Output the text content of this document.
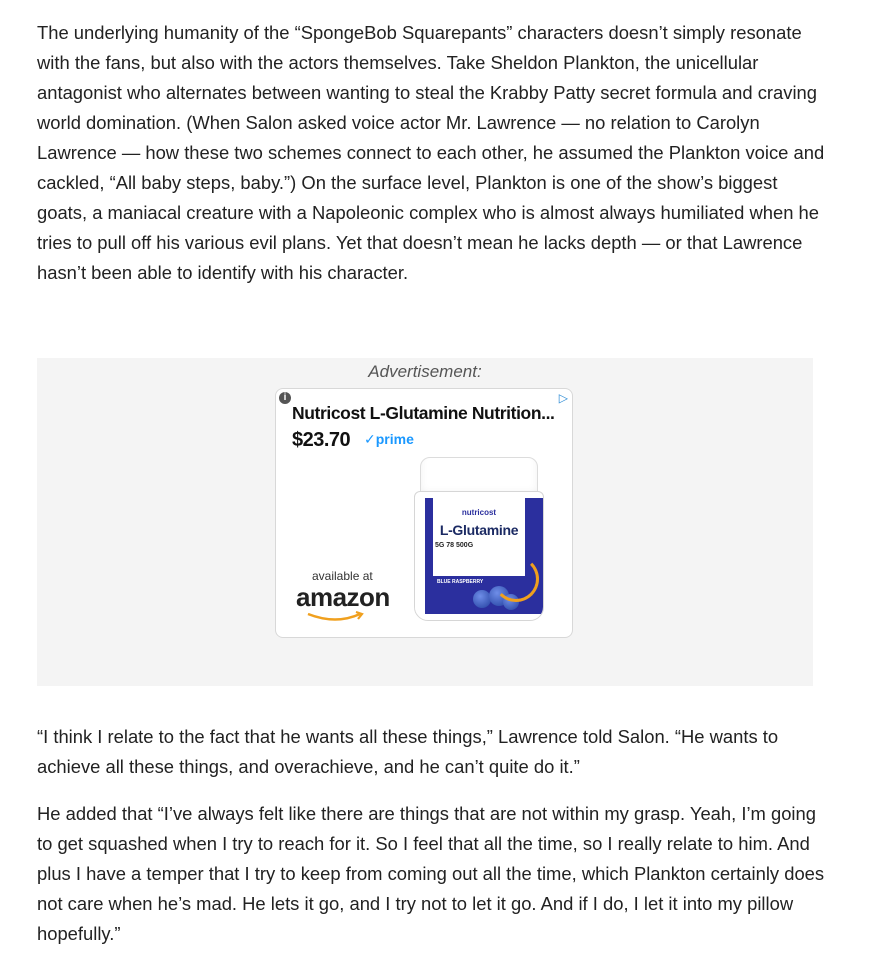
The underlying humanity of the “SpongeBob Squarepants” characters doesn’t simply resonate with the fans, but also with the actors themselves. Take Sheldon Plankton, the unicellular antagonist who alternates between wanting to steal the Krabby Patty secret formula and craving world domination. (When Salon asked voice actor Mr. Lawrence — no relation to Carolyn Lawrence — how these two schemes connect to each other, he assumed the Plankton voice and cackled, “All baby steps, baby.”) On the surface level, Plankton is one of the show’s biggest goats, a maniacal creature with a Napoleonic complex who is almost always humiliated when he tries to pull off his various evil plans. Yet that doesn’t mean he lacks depth — or that Lawrence hasn’t been able to identify with his character.

Advertisement:
i	▷
Nutricost L-Glutamine Nutrition...
$23.70 ✓prime
available at
amazon
nutricost
L-Glutamine
5G 78 500G
BLUE RASPBERRY

“I think I relate to the fact that he wants all these things,” Lawrence told Salon. “He wants to achieve all these things, and overachieve, and he can’t quite do it.”

He added that “I’ve always felt like there are things that are not within my grasp. Yeah, I’m going to get squashed when I try to reach for it. So I feel that all the time, so I really relate to him. And plus I have a temper that I try to keep from coming out all the time, which Plankton certainly does not care when he’s mad. He lets it go, and I try not to let it go. And if I do, I let it into my pillow hopefully.”
